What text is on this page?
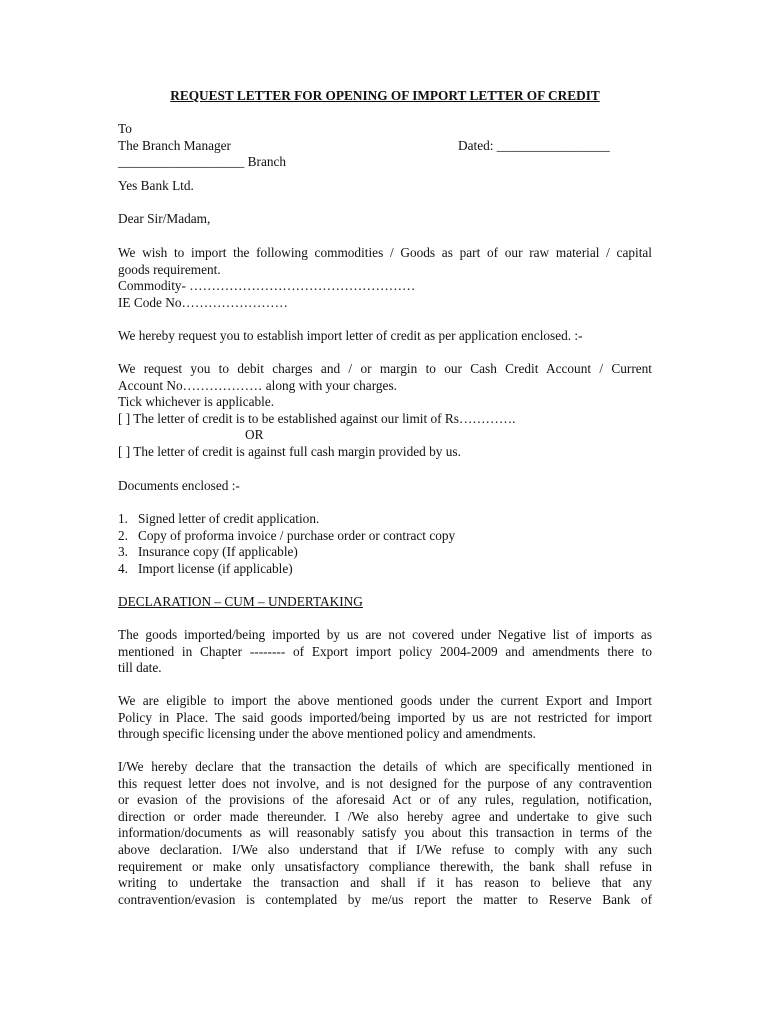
REQUEST LETTER FOR OPENING OF IMPORT LETTER OF CREDIT
To
The Branch Manager	Dated: _________________
___________________ Branch
Yes Bank Ltd.
Dear Sir/Madam,
We wish to import the following commodities / Goods as part of our raw material / capital
goods requirement.
Commodity- ……………………………………………
IE Code No……………………
We hereby request you to establish import letter of credit as per application enclosed. :-
We request you to debit charges and / or margin to our Cash Credit Account / Current
Account No……………… along with your charges.
Tick whichever is applicable.
[ ] The letter of credit is to be established against our limit of Rs………….
OR
[ ] The letter of credit is against full cash margin provided by us.
Documents enclosed :-
1. Signed letter of credit application.
2. Copy of proforma invoice / purchase order or contract copy
3. Insurance copy (If applicable)
4. Import license (if applicable)
DECLARATION – CUM – UNDERTAKING
The goods imported/being imported by us are not covered under Negative list of imports as
mentioned in Chapter -------- of Export import policy 2004-2009 and amendments there to
till date.
We are eligible to import the above mentioned goods under the current Export and Import
Policy in Place. The said goods imported/being imported by us are not restricted for import
through specific licensing under the above mentioned policy and amendments.
I/We hereby declare that the transaction the details of which are specifically mentioned in
this request letter does not involve, and is not designed for the purpose of any contravention
or evasion of the provisions of the aforesaid Act or of any rules, regulation, notification,
direction or order made thereunder. I /We also hereby agree and undertake to give such
information/documents as will reasonably satisfy you about this transaction in terms of the
above declaration. I/We also understand that if I/We refuse to comply with any such
requirement or make only unsatisfactory compliance therewith, the bank shall refuse in
writing to undertake the transaction and shall if it has reason to believe that any
contravention/evasion is contemplated by me/us report the matter to Reserve Bank of
